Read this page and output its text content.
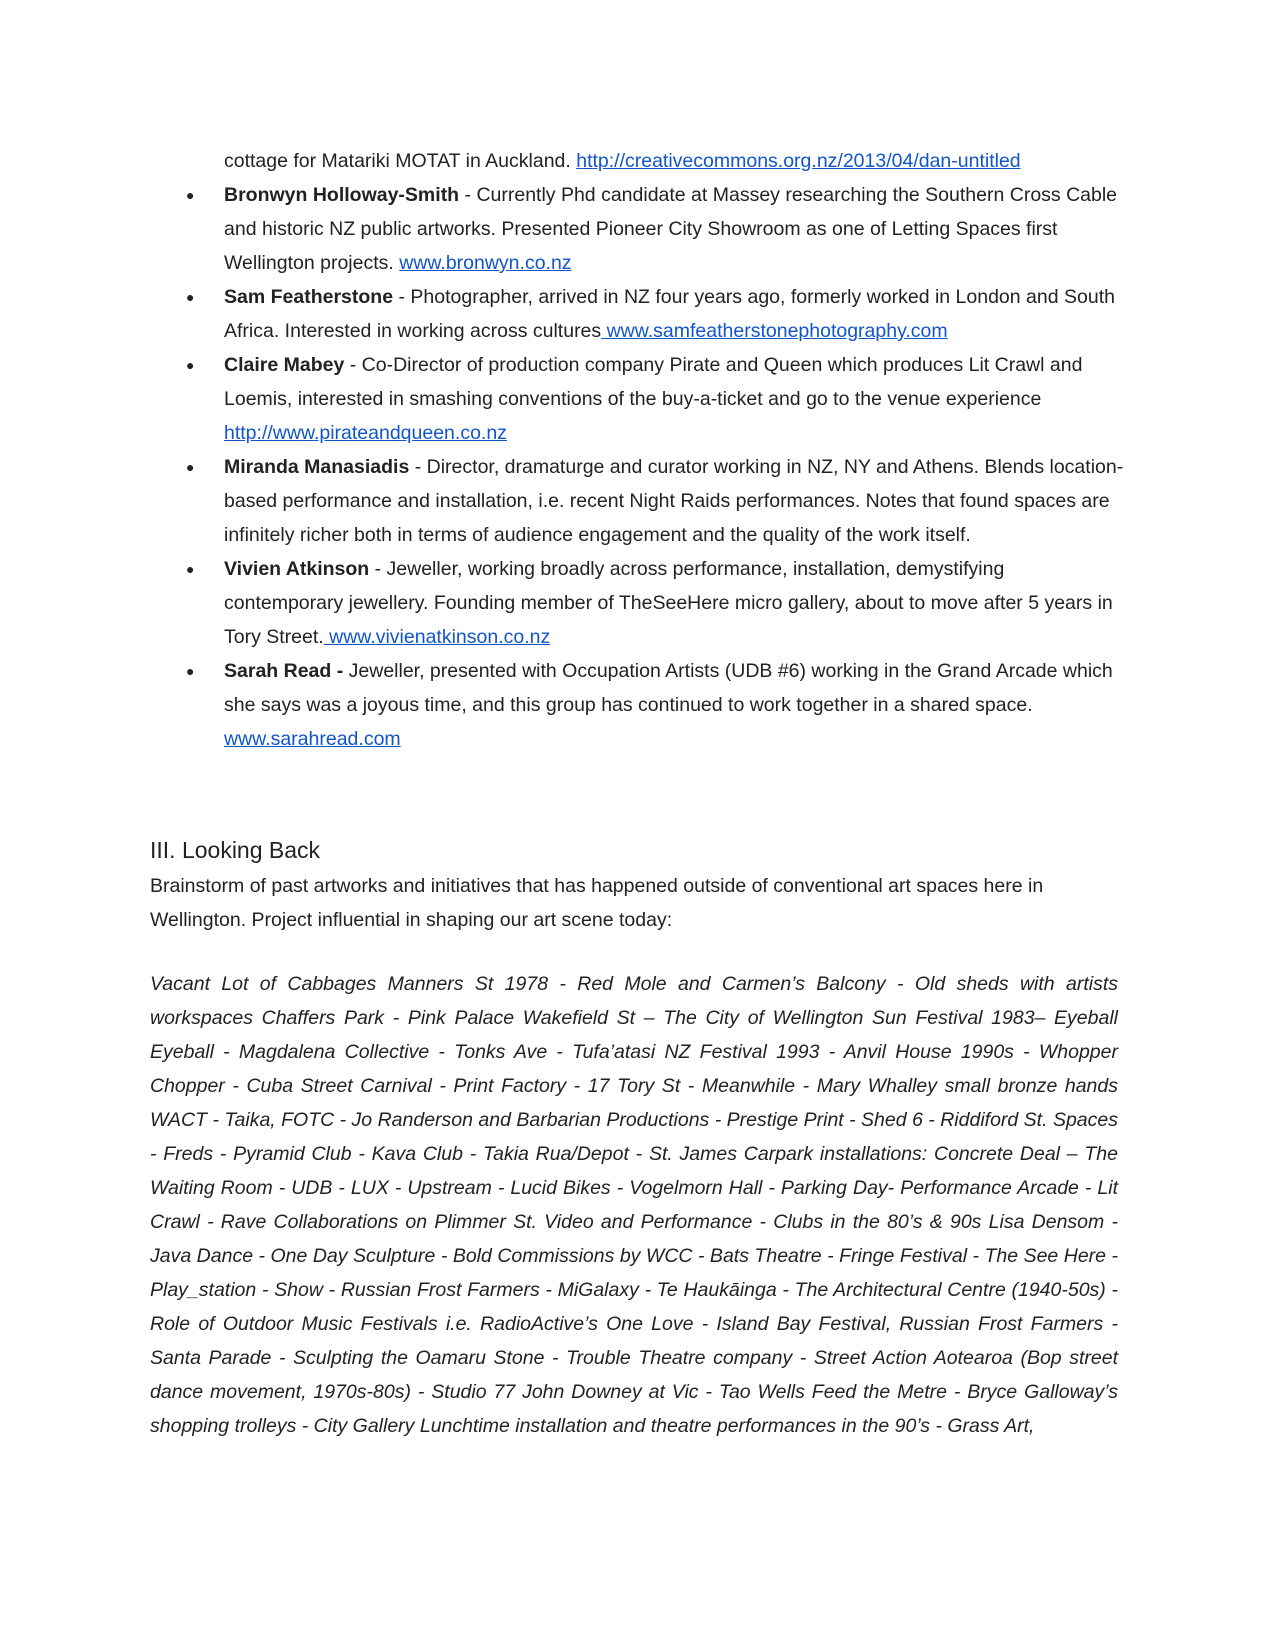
cottage for Matariki MOTAT in Auckland. http://creativecommons.org.nz/2013/04/dan-untitled

●	Bronwyn Holloway-Smith - Currently Phd candidate at Massey researching the Southern Cross Cable and historic NZ public artworks. Presented Pioneer City Showroom as one of Letting Spaces first Wellington projects. www.bronwyn.co.nz
●	Sam Featherstone - Photographer, arrived in NZ four years ago, formerly worked in London and South Africa. Interested in working across cultures www.samfeatherstonephotography.com
●	Claire Mabey - Co-Director of production company Pirate and Queen which produces Lit Crawl and Loemis, interested in smashing conventions of the buy-a-ticket and go to the venue experience http://www.pirateandqueen.co.nz
●	Miranda Manasiadis - Director, dramaturge and curator working in NZ, NY and Athens. Blends location-based performance and installation, i.e. recent Night Raids performances. Notes that found spaces are infinitely richer both in terms of audience engagement and the quality of the work itself.
●	Vivien Atkinson - Jeweller, working broadly across performance, installation, demystifying contemporary jewellery. Founding member of TheSeeHere micro gallery, about to move after 5 years in Tory Street. www.vivienatkinson.co.nz
●	Sarah Read - Jeweller, presented with Occupation Artists (UDB #6) working in the Grand Arcade which she says was a joyous time, and this group has continued to work together in a shared space. www.sarahread.com
III. Looking Back

Brainstorm of past artworks and initiatives that has happened outside of conventional art spaces here in Wellington. Project influential in shaping our art scene today:

Vacant Lot of Cabbages Manners St 1978 - Red Mole and Carmen’s Balcony - Old sheds with artists workspaces Chaffers Park - Pink Palace Wakefield St – The City of Wellington Sun Festival 1983– Eyeball Eyeball - Magdalena Collective - Tonks Ave - Tufa’atasi NZ Festival 1993 - Anvil House 1990s - Whopper Chopper - Cuba Street Carnival - Print Factory - 17 Tory St - Meanwhile - Mary Whalley small bronze hands WACT - Taika, FOTC - Jo Randerson and Barbarian Productions - Prestige Print - Shed 6 - Riddiford St. Spaces - Freds - Pyramid Club - Kava Club - Takia Rua/Depot - St. James Carpark installations: Concrete Deal – The Waiting Room - UDB - LUX - Upstream - Lucid Bikes - Vogelmorn Hall - Parking Day- Performance Arcade - Lit Crawl - Rave Collaborations on Plimmer St. Video and Performance - Clubs in the 80’s & 90s Lisa Densom - Java Dance - One Day Sculpture - Bold Commissions by WCC - Bats Theatre - Fringe Festival - The See Here - Play_station - Show - Russian Frost Farmers - MiGalaxy - Te Haukāinga - The Architectural Centre (1940-50s) - Role of Outdoor Music Festivals i.e. RadioActive’s One Love - Island Bay Festival, Russian Frost Farmers - Santa Parade - Sculpting the Oamaru Stone - Trouble Theatre company - Street Action Aotearoa (Bop street dance movement, 1970s-80s) - Studio 77 John Downey at Vic - Tao Wells Feed the Metre - Bryce Galloway’s shopping trolleys - City Gallery Lunchtime installation and theatre performances in the 90’s - Grass Art,
